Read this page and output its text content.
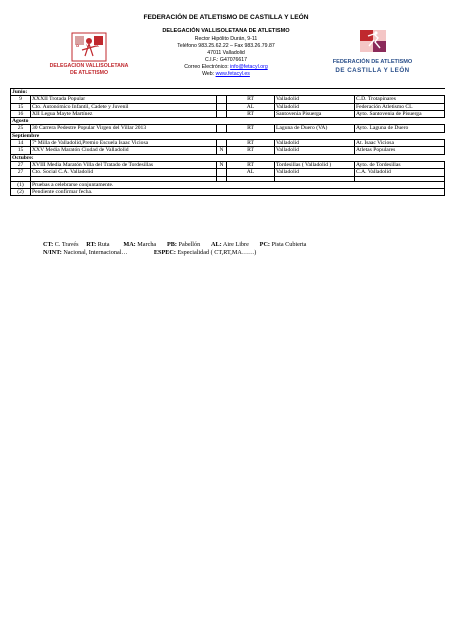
FEDERACIÓN DE ATLETISMO DE CASTILLA Y LEÓN
DELEGACIÓN VALLISOLETANA DE ATLETISMO
Rector Hipólito Durán, 9-11
Teléfono 983.25.62.22 – Fax 983.26.79.87
47011 Valladolid
C.I.F.: G47076617
Correo Electrónico: info@fetacyl.org
Web: www.fetacyl.es
D V A
DELEGACION VALLISOLETANA
DE ATLETISMO
FEDERACIÓN DE ATLETISMO
DE CASTILLA Y LEÓN
Junio:					
9	XXXII Trotada Popular		RT	Valladolid	C.D. Trotapinares
15	Cto. Autonómico Infantil, Cadete y Juvenil		AL	Valladolid	Federación Atletismo CL
16	XII Legua Mayte Martínez		RT	Santovenia Pisuerga	Ayto. Santovenia de Pisuerga
Agosto					
25	30 Carrera Pedestre Popular Virgen del Villar 2013		RT	Laguna de Duero (VA)	Ayto. Laguna de Duero
Septiembre					
14	7ª Milla de Valladolid,Premio Escuela Isaac Viciosa		RT	Valladolid	At. Isaac Viciosa
15	XXV Media Maratón Ciudad de Valladolid	N	RT	Valladolid	Atletas Populares
Octubre:					
27	XVIII Media Maratón Villa del Tratado de Tordesillas	N	RT	Tordesillas ( Valladolid )	Ayto. de Tordesillas
27	Cto. Social C.A. Valladolid		AL	Valladolid	C.A. Valladolid

(1)	Pruebas a celebrarse conjuntamente.				
(2)	Pendiente confirmar fecha.				
CT: C. Través RT: Ruta MA: Marcha PB: Pabellón AL: Aire Libre PC: Pista Cubierta
N/INT: Nacional, Internacional…	ESPEC: Especialidad ( CT,RT,MA……)
